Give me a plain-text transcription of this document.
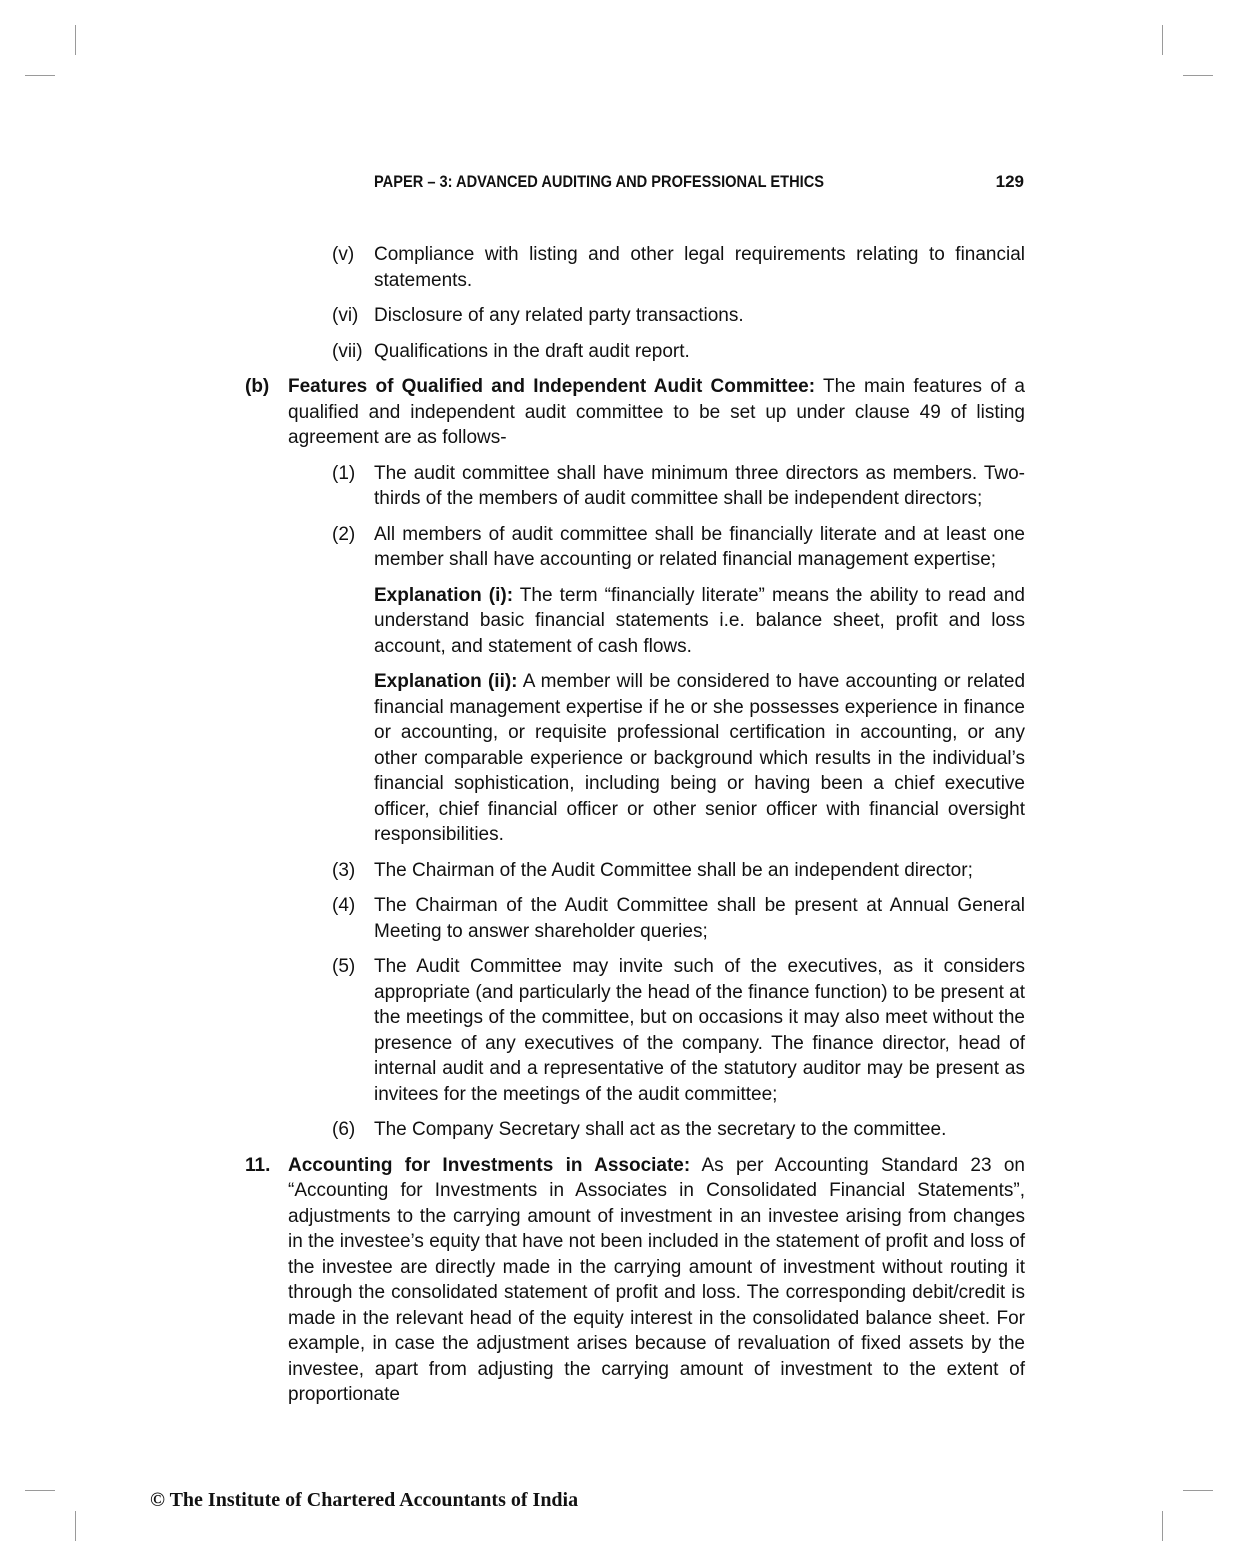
PAPER – 3: ADVANCED AUDITING AND PROFESSIONAL ETHICS	129
(v) Compliance with listing and other legal requirements relating to financial statements.
(vi) Disclosure of any related party transactions.
(vii) Qualifications in the draft audit report.
(b) Features of Qualified and Independent Audit Committee: The main features of a qualified and independent audit committee to be set up under clause 49 of listing agreement are as follows-
(1) The audit committee shall have minimum three directors as members. Two-thirds of the members of audit committee shall be independent directors;
(2) All members of audit committee shall be financially literate and at least one member shall have accounting or related financial management expertise;
Explanation (i): The term “financially literate” means the ability to read and understand basic financial statements i.e. balance sheet, profit and loss account, and statement of cash flows.
Explanation (ii): A member will be considered to have accounting or related financial management expertise if he or she possesses experience in finance or accounting, or requisite professional certification in accounting, or any other comparable experience or background which results in the individual’s financial sophistication, including being or having been a chief executive officer, chief financial officer or other senior officer with financial oversight responsibilities.
(3) The Chairman of the Audit Committee shall be an independent director;
(4) The Chairman of the Audit Committee shall be present at Annual General Meeting to answer shareholder queries;
(5) The Audit Committee may invite such of the executives, as it considers appropriate (and particularly the head of the finance function) to be present at the meetings of the committee, but on occasions it may also meet without the presence of any executives of the company. The finance director, head of internal audit and a representative of the statutory auditor may be present as invitees for the meetings of the audit committee;
(6) The Company Secretary shall act as the secretary to the committee.
11. Accounting for Investments in Associate: As per Accounting Standard 23 on “Accounting for Investments in Associates in Consolidated Financial Statements”, adjustments to the carrying amount of investment in an investee arising from changes in the investee’s equity that have not been included in the statement of profit and loss of the investee are directly made in the carrying amount of investment without routing it through the consolidated statement of profit and loss. The corresponding debit/credit is made in the relevant head of the equity interest in the consolidated balance sheet. For example, in case the adjustment arises because of revaluation of fixed assets by the investee, apart from adjusting the carrying amount of investment to the extent of proportionate
© The Institute of Chartered Accountants of India
